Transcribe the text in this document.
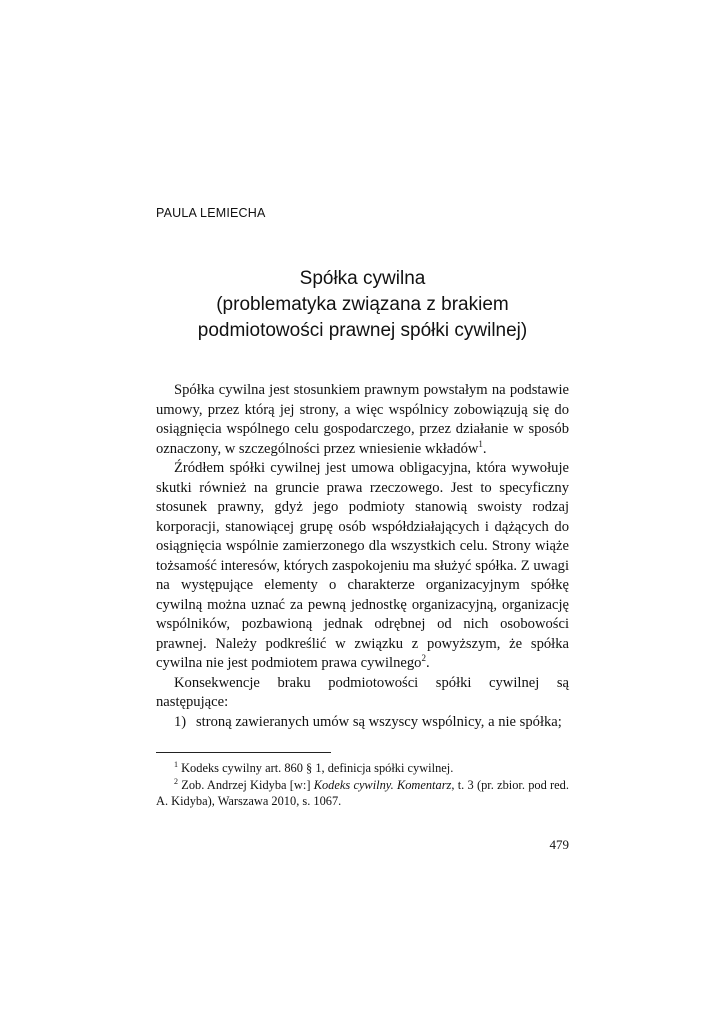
PAULA LEMIECHA
Spółka cywilna
(problematyka związana z brakiem
podmiotowości prawnej spółki cywilnej)

Spółka cywilna jest stosunkiem prawnym powstałym na podstawie umowy, przez którą jej strony, a więc wspólnicy zobowiązują się do osiągnięcia wspólnego celu gospodarczego, przez działanie w sposób oznaczony, w szczególności przez wniesienie wkładów$^1$.

Źródłem spółki cywilnej jest umowa obligacyjna, która wywołuje skutki również na gruncie prawa rzeczowego. Jest to specyficzny stosunek prawny, gdyż jego podmioty stanowią swoisty rodzaj korporacji, stanowiącej grupę osób współdziałających i dążących do osiągnięcia wspólnie zamierzonego dla wszystkich celu. Strony wiąże tożsamość interesów, których zaspokojeniu ma służyć spółka. Z uwagi na występujące elementy o charakterze organizacyjnym spółkę cywilną można uznać za pewną jednostkę organizacyjną, organizację wspólników, pozbawioną jednak odrębnej od nich osobowości prawnej. Należy podkreślić w związku z powyższym, że spółka cywilna nie jest podmiotem prawa cywilnego$^2$.

Konsekwencje braku podmiotowości spółki cywilnej są następujące:

1) stroną zawieranych umów są wszyscy wspólnicy, a nie spółka;

$^1$ Kodeks cywilny art. 860 § 1, definicja spółki cywilnej.

$^2$ Zob. Andrzej Kidyba [w:] Kodeks cywilny. Komentarz, t. 3 (pr. zbior. pod red. A. Kidyba), Warszawa 2010, s. 1067.

479
